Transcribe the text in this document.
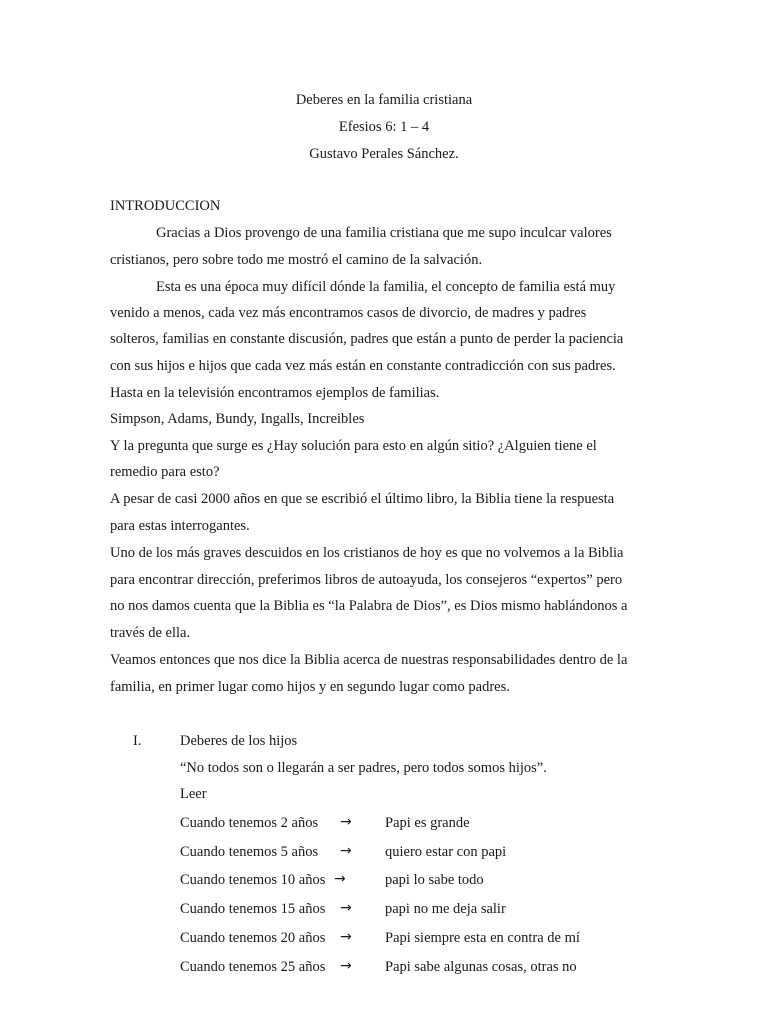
Deberes en la familia cristiana
Efesios 6: 1 – 4
Gustavo Perales Sánchez.
INTRODUCCION
Gracias a Dios provengo de una familia cristiana que me supo inculcar valores
cristianos, pero sobre todo me mostró el camino de la salvación.
Esta es una época muy difícil dónde la familia, el concepto de familia está muy
venido a menos, cada vez más encontramos casos de divorcio, de madres y padres
solteros, familias en constante discusión, padres que están a punto de perder la paciencia
con sus hijos e hijos que cada vez más están en constante contradicción con sus padres.
Hasta en la televisión encontramos ejemplos de familias.
Simpson, Adams, Bundy, Ingalls, Increibles
Y la pregunta que surge es ¿Hay solución para esto en algún sitio? ¿Alguien tiene el
remedio para esto?
A pesar de casi 2000 años en que se escribió el último libro, la Biblia tiene la respuesta
para estas interrogantes.
Uno de los más graves descuidos en los cristianos de hoy es que no volvemos a la Biblia
para encontrar dirección, preferimos libros de autoayuda, los consejeros “expertos” pero
no nos damos cuenta que la Biblia es “la Palabra de Dios”, es Dios mismo hablándonos a
través de ella.
Veamos entonces que nos dice la Biblia acerca de nuestras responsabilidades dentro de la
familia, en primer lugar como hijos y en segundo lugar como padres.
I.	Deberes de los hijos
“No todos son o llegarán a ser padres, pero todos somos hijos”.
Leer
Cuando tenemos 2 años → Papi es grande
Cuando tenemos 5 años → quiero estar con papi
Cuando tenemos 10 años →	papi lo sabe todo
Cuando tenemos 15 años → papi no me deja salir
Cuando tenemos 20 años → Papi siempre esta en contra de mí
Cuando tenemos 25 años → Papi sabe algunas cosas, otras no
